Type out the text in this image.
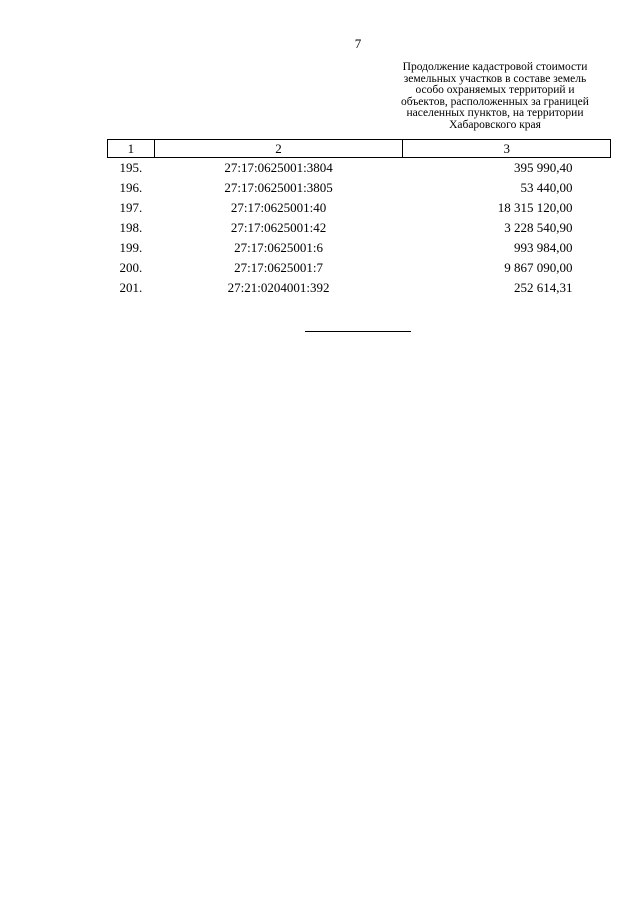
7
Продолжение кадастровой стоимости
земельных участков в составе земель
особо охраняемых территорий и
объектов, расположенных за границей
населенных пунктов, на территории
Хабаровского края
1	2	3
195.	27:17:0625001:3804	395 990,40
196.	27:17:0625001:3805	53 440,00
197.	27:17:0625001:40	18 315 120,00
198.	27:17:0625001:42	3 228 540,90
199.	27:17:0625001:6	993 984,00
200.	27:17:0625001:7	9 867 090,00
201.	27:21:0204001:392	252 614,31
